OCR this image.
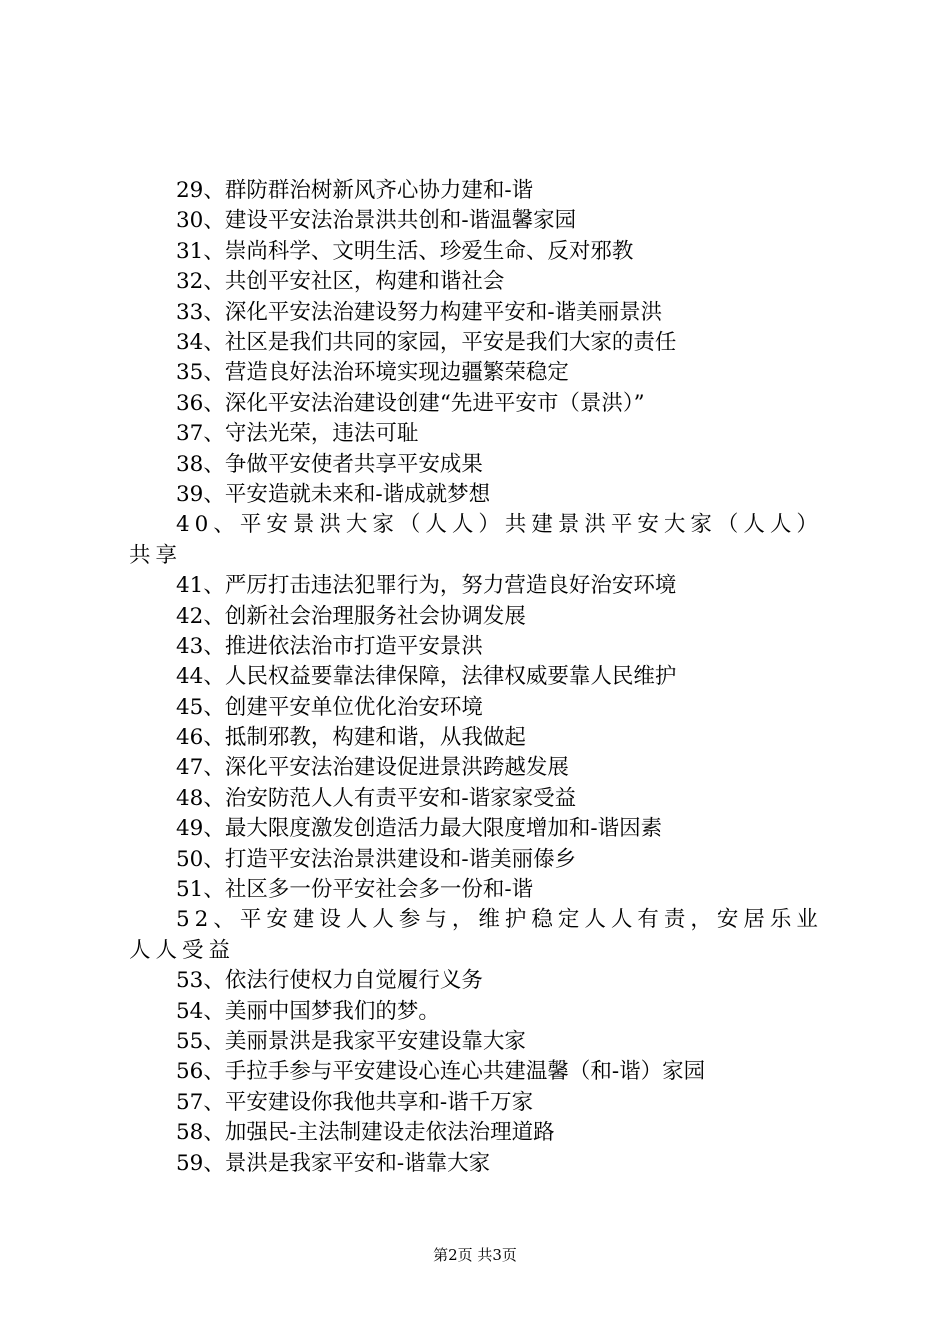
29、群防群治树新风齐心协力建和-谐
30、建设平安法治景洪共创和-谐温馨家园
31、崇尚科学、文明生活、珍爱生命、反对邪教
32、共创平安社区，构建和谐社会
33、深化平安法治建设努力构建平安和-谐美丽景洪
34、社区是我们共同的家园，平安是我们大家的责任
35、营造良好法治环境实现边疆繁荣稳定
36、深化平安法治建设创建“先进平安市（景洪）”
37、守法光荣，违法可耻
38、争做平安使者共享平安成果
39、平安造就未来和-谐成就梦想
40、平安景洪大家（人人）共建景洪平安大家（人人）共享
41、严厉打击违法犯罪行为，努力营造良好治安环境
42、创新社会治理服务社会协调发展
43、推进依法治市打造平安景洪
44、人民权益要靠法律保障，法律权威要靠人民维护
45、创建平安单位优化治安环境
46、抵制邪教，构建和谐，从我做起
47、深化平安法治建设促进景洪跨越发展
48、治安防范人人有责平安和-谐家家受益
49、最大限度激发创造活力最大限度增加和-谐因素
50、打造平安法治景洪建设和-谐美丽傣乡
51、社区多一份平安社会多一份和-谐
52、平安建设人人参与，维护稳定人人有责，安居乐业人人受益
53、依法行使权力自觉履行义务
54、美丽中国梦我们的梦。
55、美丽景洪是我家平安建设靠大家
56、手拉手参与平安建设心连心共建温馨（和-谐）家园
57、平安建设你我他共享和-谐千万家
58、加强民-主法制建设走依法治理道路
59、景洪是我家平安和-谐靠大家
第2页 共3页
